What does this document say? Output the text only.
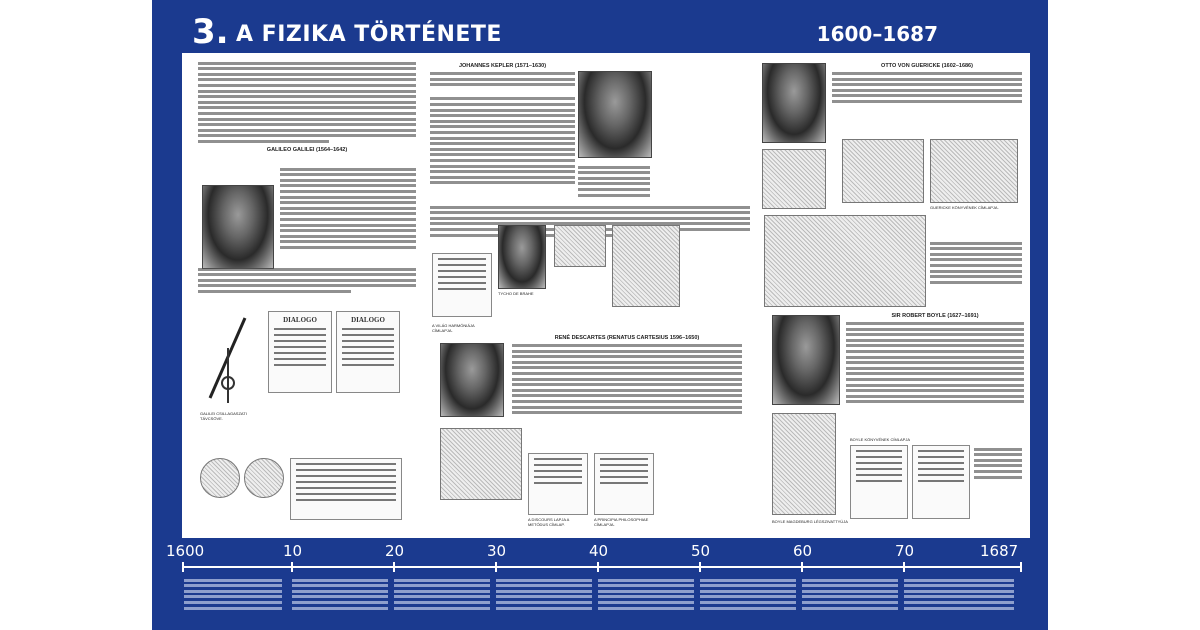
3. A FIZIKA TÖRTÉNETE	1600–1687
GALILEO GALILEI (1564–1642)
GALILEI CSILLAGASZATI TÁVCSÖVE.
DIALOGO	DIALOGO
JOHANNES KEPLER (1571–1630)
A VILÁG HARMÓNIÁJA CÍMLAPJA.
TYCHO DE BRAHE
RENÉ DESCARTES (RENATUS CARTESIUS 1596–1650)
A DISCOURS LAPJA A METÓDUS CÍMLAP.
A PRINCIPIA PHILOSOPHIAE CÍMLAPJA.
OTTO VON GUERICKE (1602–1686)
GUERICKE KÖNYVÉNEK CÍMLAPJA.
SIR ROBERT BOYLE (1627–1691)
BOYLE MAGDEBURG LÉGSZIVATTYÚJA
BOYLE KÖNYVÉNEK CÍMLAPJA
1600	10	20	30	40	50	60	70	1687
